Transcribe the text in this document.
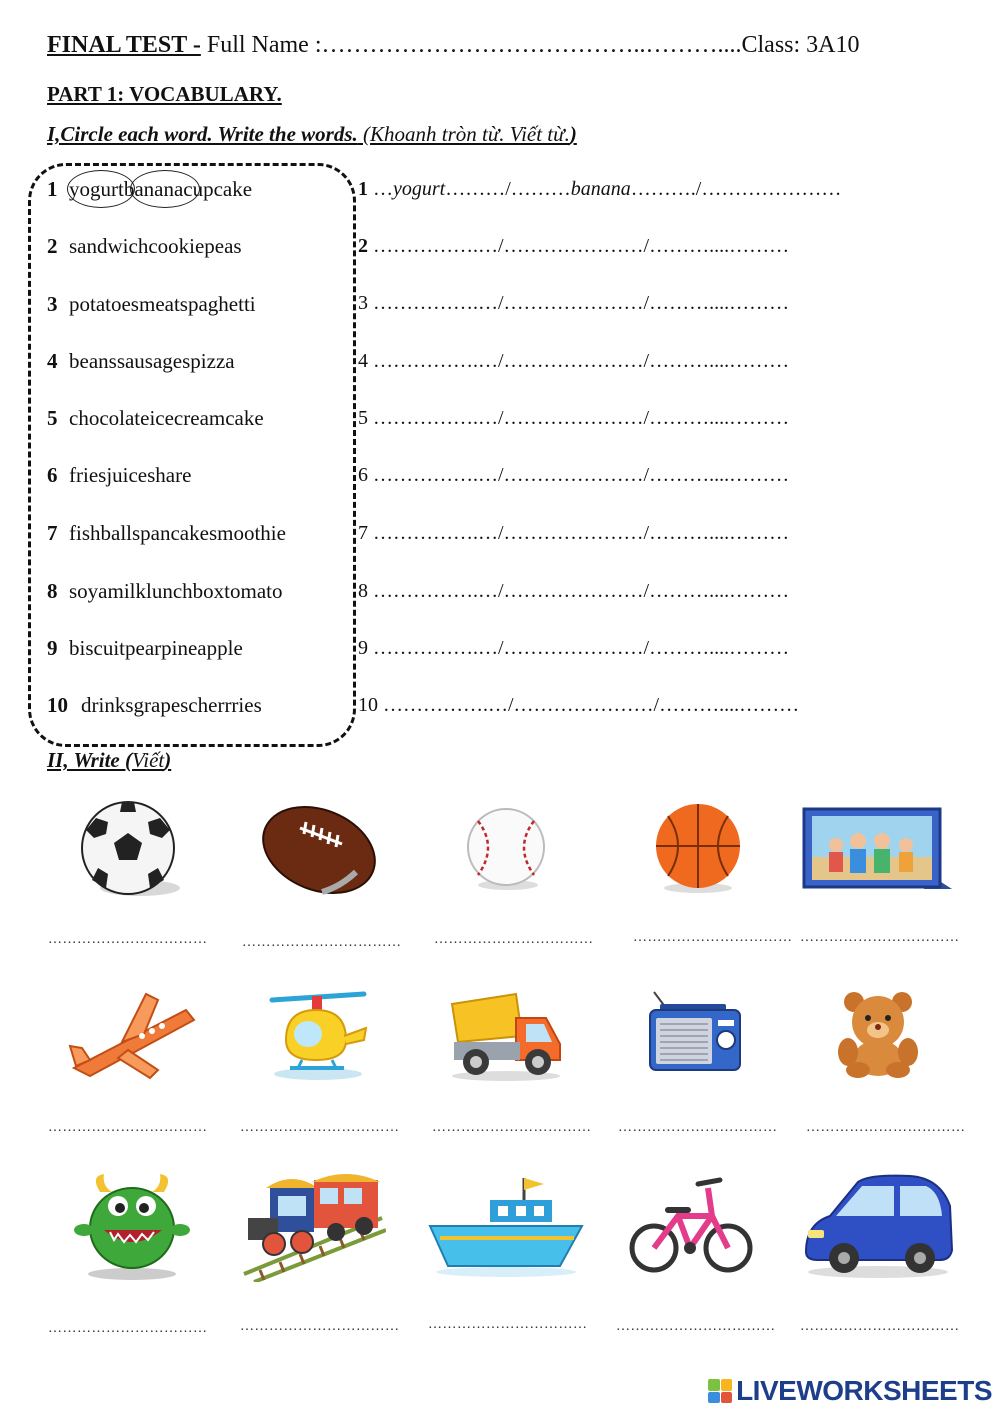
FINAL TEST - Full Name :…………………………………..………....Class: 3A10
PART 1: VOCABULARY.
I,Circle each word. Write the words. (Khoanh tròn từ. Viết từ.)
1 yogurtbananacupcake
2 sandwichcookiepeas
3 potatoesmeatspaghetti
4 beanssausagespizza
5 chocolateicecreamcake
6 friesjuiceshare
7 fishballspancakesmoothie
8 soyamilklunchboxtomato
9 biscuitpearpineapple
10 drinksgrapescherrries
1 …yogurt………/………banana………./…………………
2 …………….…/…………………/………....………
3 …………….…/…………………/………....………
4 …………….…/…………………/………....………
5 …………….…/…………………/………....………
6 …………….…/…………………/………....………
7 …………….…/…………………/………....………
8 …………….…/…………………/………....………
9 …………….…/…………………/………....………
10 …………….…/…………………/………....………
II, Write (Viết)
…………………………… …………………………… ……………………………	…………………………… ……………………………
…………………………… …………………………… …………………………… …………………………… ……………………………
…………………………… …………………………… …………………………… …………………………… ……………………………
LIVEWORKSHEETS
